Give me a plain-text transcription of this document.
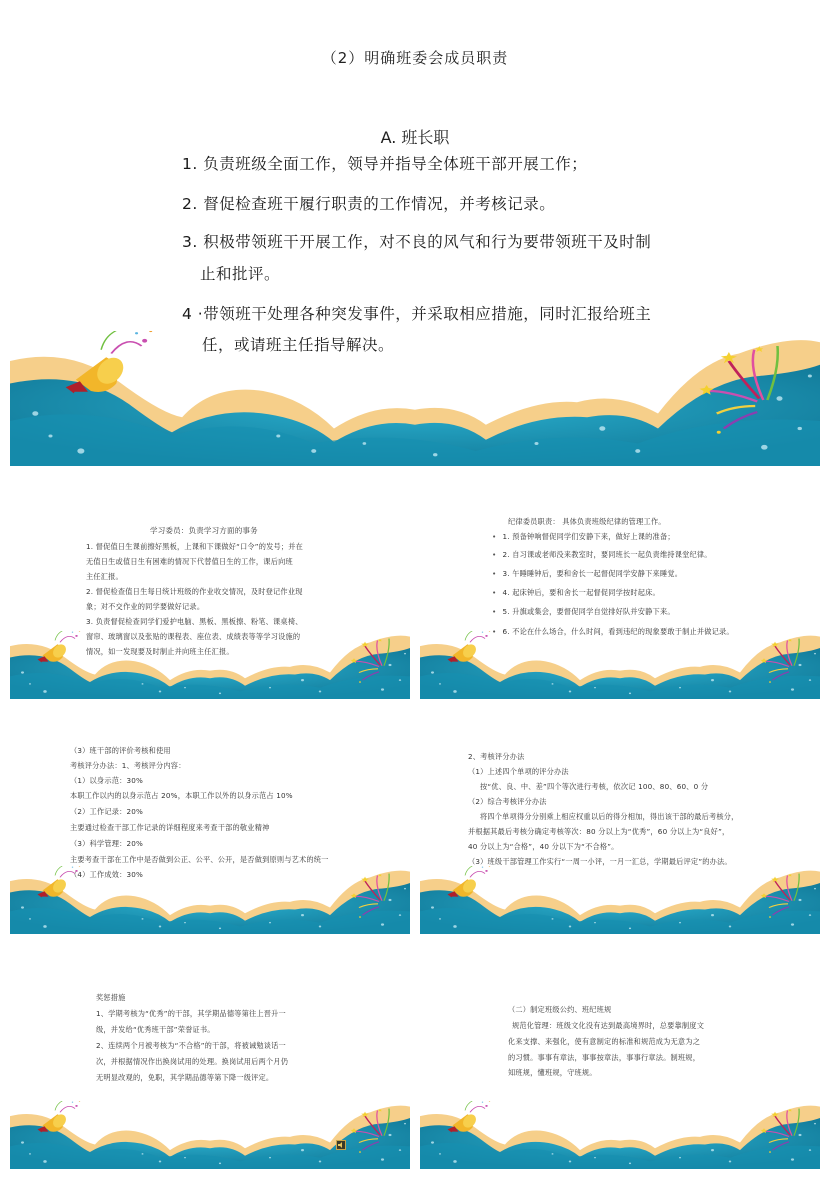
（2）明确班委会成员职责
A. 班长职
1. 负责班级全面工作，领导并指导全体班干部开展工作；
2. 督促检查班干履行职责的工作情况，并考核记录。
3. 积极带领班干开展工作，对不良的风气和行为要带领班干及时制
止和批评。
4 ·带领班干处理各种突发事件，并采取相应措施，同时汇报给班主
任，或请班主任指导解决。
学习委员：负责学习方面的事务
1. 督促值日生课前擦好黑板，上课和下课做好“口令”的发号；并在
无值日生或值日生有困难的情况下代替值日生的工作，课后向班
主任汇报。
2. 督促检查值日生每日统计班级的作业收交情况，及时登记作业现
象；对不交作业的同学要做好记录。
3. 负责督促检查同学们爱护电脑、黑板、黑板擦、粉笔、课桌椅、
窗帘、玻璃窗以及张贴的课程表、座位表、成绩表等等学习设施的
情况，如一发现要及时制止并向班主任汇报。
纪律委员职责： 具体负责班级纪律的管理工作。
• 1. 预备钟响督促同学们安静下来，做好上课的准备；
• 2. 自习课或老师没来教室时，要同班长一起负责维持课堂纪律。
• 3. 午睡睡钟后，要和舍长一起督促同学安静下来睡觉。
• 4. 起床钟后，要和舍长一起督促同学按时起床。
• 5. 升旗或集会，要督促同学自觉排好队并安静下来。
• 6. 不论在什么场合，什么时间，看到违纪的现象要敢于制止并做记录。
（3）班干部的评价考核和使用
考核评分办法：1、考核评分内容：
（1）以身示范：30%
本职工作以内的以身示范占 20%，本职工作以外的以身示范占 10%
（2）工作记录：20%
主要通过检查干部工作记录的详细程度来考查干部的敬业精神
（3）科学管理：20%
主要考查干部在工作中是否做到公正、公平、公开，是否做到原则与艺术的统一
（4）工作成效：30%
2、考核评分办法
（1）上述四个单项的评分办法
按“优、良、中、差”四个等次进行考核，依次记 100、80、60、0 分
（2）综合考核评分办法
将四个单项得分分别乘上相应权重以后的得分相加，得出该干部的最后考核分，
并根据其最后考核分确定考核等次：80 分以上为“优秀”，60 分以上为“良好”，
40 分以上为“合格”，40 分以下为“不合格”。
（3）班级干部管理工作实行“一周一小评，一月一汇总，学期最后评定”的办法。
奖惩措施
1、学期考核为“优秀”的干部，其学期品德等第往上晋升一
级，并发给“优秀班干部”荣誉证书。
2、连续两个月被考核为“不合格”的干部，将被诫勉谈话一
次，并根据情况作出换岗试用的处理。换岗试用后两个月仍
无明显改观的，免职，其学期品德等第下降一级评定。
（二）制定班级公约、班纪班规
规范化管理：班级文化没有达到最高境界时，总要靠制度文
化来支撑、来强化，使有意制定的标准和规范成为无意为之
的习惯。事事有章法，事事按章法，事事行章法。制班规，
知班规，懂班规，守班规。
